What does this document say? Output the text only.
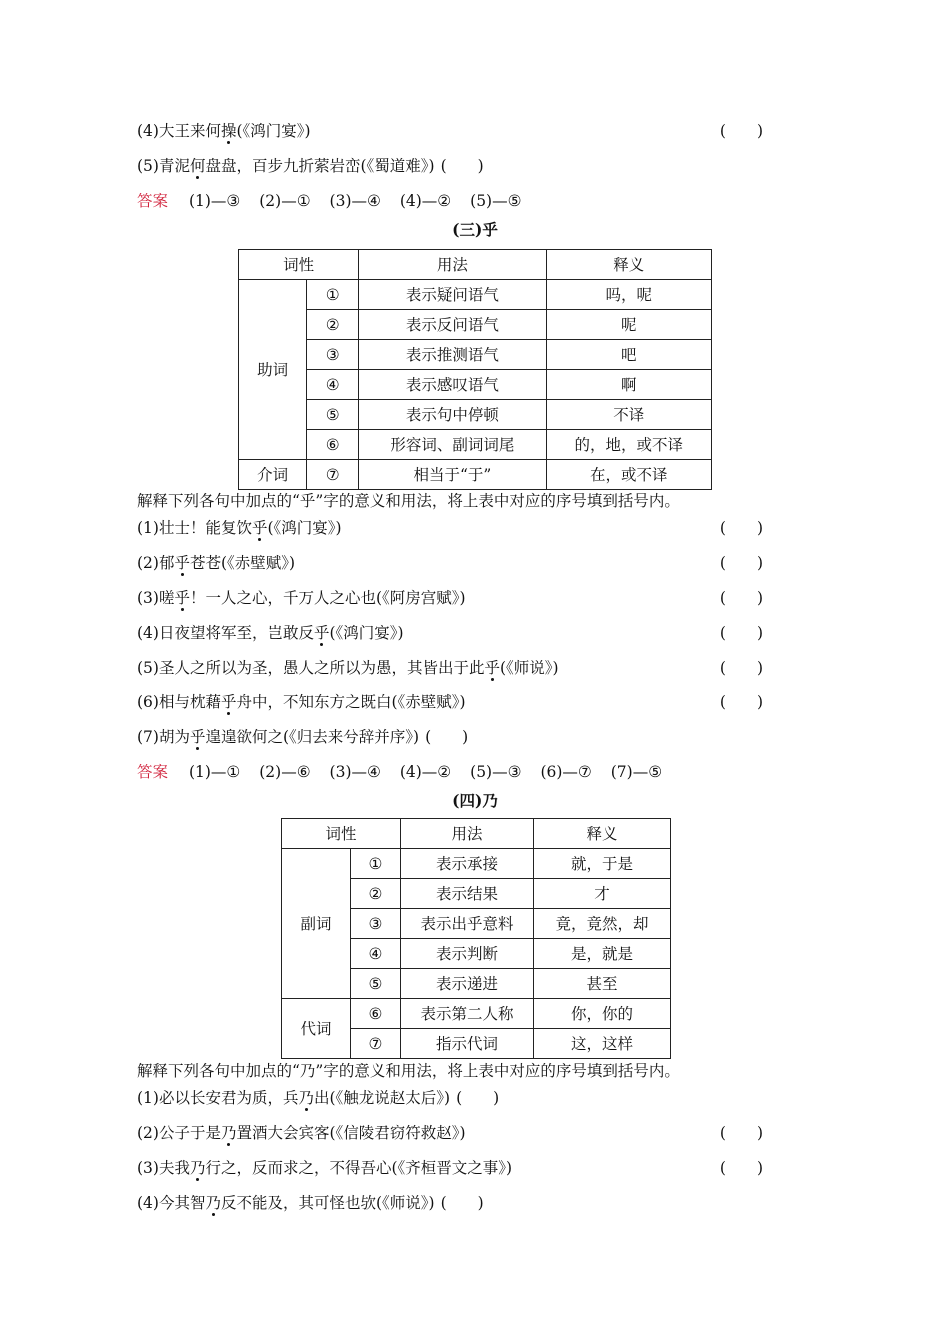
(4)大王来何操(《鸿门宴》)	(　　)
(5)青泥何盘盘，百步九折萦岩峦(《蜀道难》) (　　)
答案 (1)—③ (2)—① (3)—④ (4)—② (5)—⑤
(三)乎
词性		用法	释义
助词	①	表示疑问语气	吗，呢
	②	表示反问语气	呢
	③	表示推测语气	吧
	④	表示感叹语气	啊
	⑤	表示句中停顿	不译
	⑥	形容词、副词词尾	的，地，或不译
介词	⑦	相当于“于”	在，或不译
解释下列各句中加点的“乎”字的意义和用法，将上表中对应的序号填到括号内。
(1)壮士！能复饮乎(《鸿门宴》)	(　　)
(2)郁乎苍苍(《赤壁赋》)	(　　)
(3)嗟乎！一人之心，千万人之心也(《阿房宫赋》)	(　　)
(4)日夜望将军至，岂敢反乎(《鸿门宴》)	(　　)
(5)圣人之所以为圣，愚人之所以为愚，其皆出于此乎(《师说》)	(　　)
(6)相与枕藉乎舟中，不知东方之既白(《赤壁赋》)	(　　)
(7)胡为乎遑遑欲何之(《归去来兮辞并序》) (　　)
答案 (1)—① (2)—⑥ (3)—④ (4)—② (5)—③ (6)—⑦ (7)—⑤
(四)乃
词性		用法	释义
副词	①	表示承接	就，于是
	②	表示结果	才
	③	表示出乎意料	竟，竟然，却
	④	表示判断	是，就是
	⑤	表示递进	甚至
代词	⑥	表示第二人称	你，你的
	⑦	指示代词	这，这样
解释下列各句中加点的“乃”字的意义和用法，将上表中对应的序号填到括号内。
(1)必以长安君为质，兵乃出(《触龙说赵太后》) (　　)
(2)公子于是乃置酒大会宾客(《信陵君窃符救赵》)	(　　)
(3)夫我乃行之，反而求之，不得吾心(《齐桓晋文之事》)	(　　)
(4)今其智乃反不能及，其可怪也欤(《师说》) (　　)
